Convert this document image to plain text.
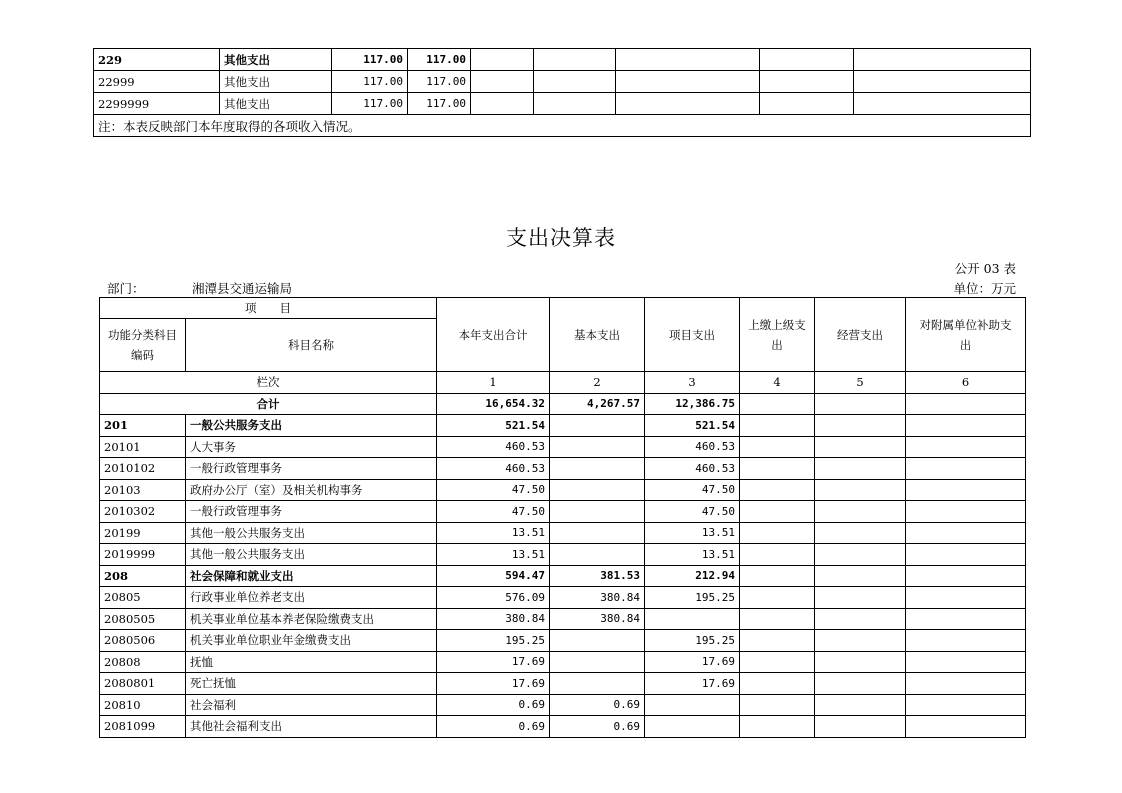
229	其他支出	117.00	117.00					
22999	其他支出	117.00	117.00					
2299999	其他支出	117.00	117.00					
注：本表反映部门本年度取得的各项收入情况。								
支出决算表
公开 03 表
部门：	湘潭县交通运输局	单位：万元
项　　目		本年支出合计	基本支出	项目支出	上缴上级支出	经营支出	对附属单位补助支出
功能分类科目编码	科目名称						
栏次		1	2	3	4	5	6
合计		16,654.32	4,267.57	12,386.75			
201	一般公共服务支出	521.54		521.54			
20101	人大事务	460.53		460.53			
2010102	一般行政管理事务	460.53		460.53			
20103	政府办公厅（室）及相关机构事务	47.50		47.50			
2010302	一般行政管理事务	47.50		47.50			
20199	其他一般公共服务支出	13.51		13.51			
2019999	其他一般公共服务支出	13.51		13.51			
208	社会保障和就业支出	594.47	381.53	212.94			
20805	行政事业单位养老支出	576.09	380.84	195.25			
2080505	机关事业单位基本养老保险缴费支出	380.84	380.84				
2080506	机关事业单位职业年金缴费支出	195.25		195.25			
20808	抚恤	17.69		17.69			
2080801	死亡抚恤	17.69		17.69			
20810	社会福利	0.69	0.69				
2081099	其他社会福利支出	0.69	0.69				
